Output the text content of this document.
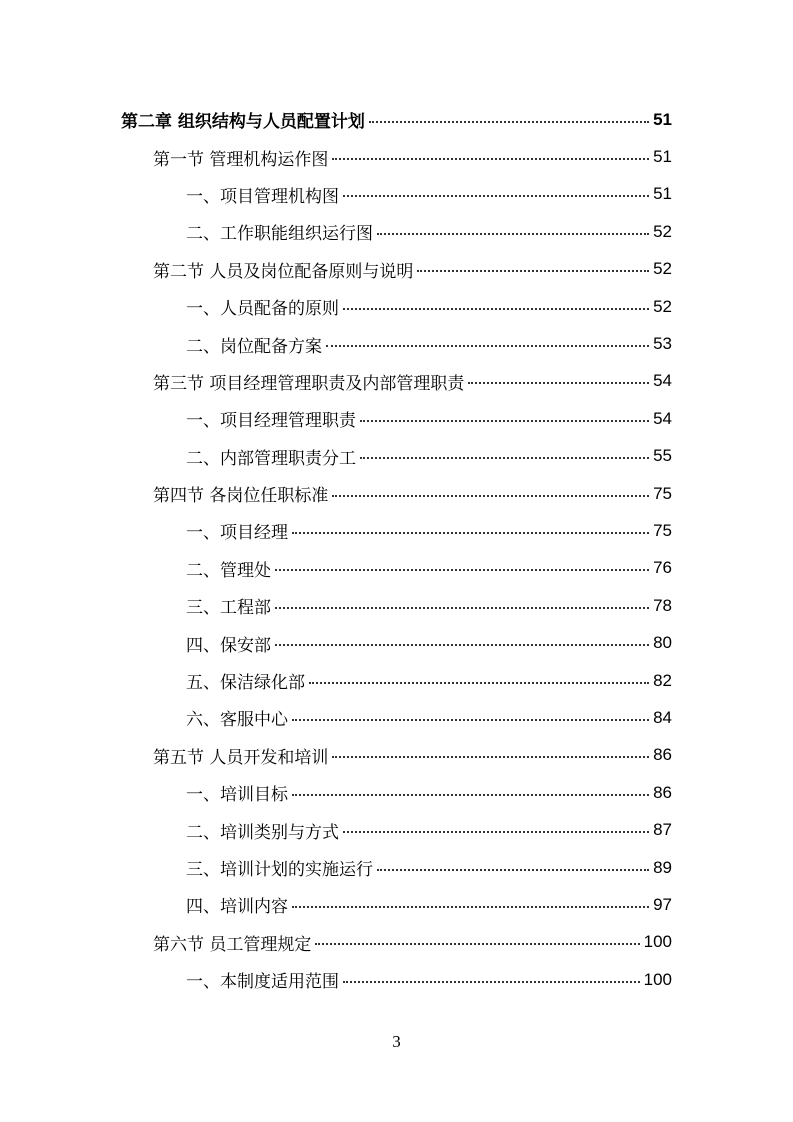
第二章 组织结构与人员配置计划	51
第一节 管理机构运作图	51
一、项目管理机构图	51
二、工作职能组织运行图	52
第二节 人员及岗位配备原则与说明	52
一、人员配备的原则	52
二、岗位配备方案	53
第三节 项目经理管理职责及内部管理职责	54
一、项目经理管理职责	54
二、内部管理职责分工	55
第四节 各岗位任职标准	75
一、项目经理	75
二、管理处	76
三、工程部	78
四、保安部	80
五、保洁绿化部	82
六、客服中心	84
第五节 人员开发和培训	86
一、培训目标	86
二、培训类别与方式	87
三、培训计划的实施运行	89
四、培训内容	97
第六节 员工管理规定	100
一、本制度适用范围	100
3
